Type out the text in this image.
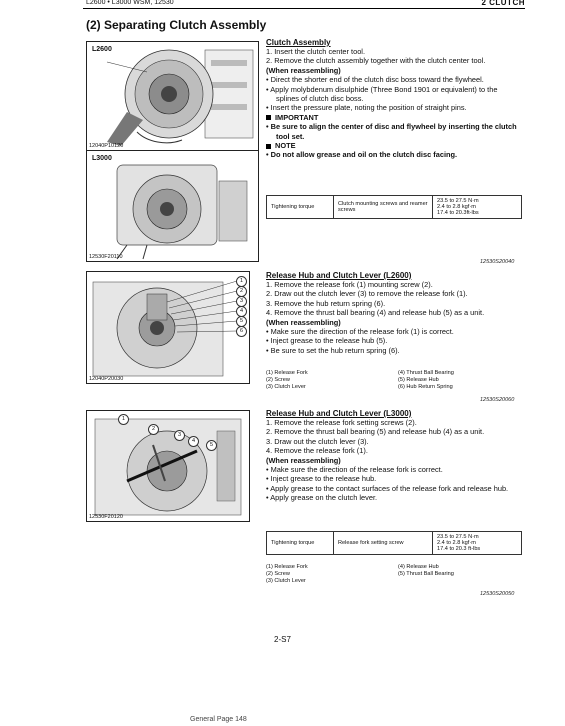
L2600 • L3000 WSM, 12530	2 CLUTCH
(2) Separating Clutch Assembly
L2600
12040P10120
L3000
12530F20110
Clutch Assembly
1. Insert the clutch center tool.
2. Remove the clutch assembly together with the clutch center tool.
(When reassembling)
• Direct the shorter end of the clutch disc boss toward the flywheel.
• Apply molybdenum disulphide (Three Bond 1901 or equivalent) to the splines of clutch disc boss.
• Insert the pressure plate, noting the position of straight pins.
IMPORTANT
• Be sure to align the center of disc and flywheel by inserting the clutch tool set.
NOTE
• Do not allow grease and oil on the clutch disc facing.
Tightening torque	Clutch mounting screws and reamer screws	
23.5 to 27.5 N·m
2.4 to 2.8 kgf·m
17.4 to 20.3ft-lbs
12530S20040
12040P20030
1
2
3
4
5
6
Release Hub and Clutch Lever (L2600)
1. Remove the release fork (1) mounting screw (2).
2. Draw out the clutch lever (3) to remove the release fork (1).
3. Remove the hub return spring (6).
4. Remove the thrust ball bearing (4) and release hub (5) as a unit.
(When reassembling)
• Make sure the direction of the release fork (1) is correct.
• Inject grease to the release hub (5).
• Be sure to set the hub return spring (6).
(1) Release Fork
(2) Screw
(3) Clutch Lever
(4) Thrust Ball Bearing
(5) Release Hub
(6) Hub Return Spring
12530S20060
12530F20120
1
2
3
4
5
Release Hub and Clutch Lever (L3000)
1. Remove the release fork setting screws (2).
2. Remove the thrust ball bearing (5) and release hub (4) as a unit.
3. Draw out the clutch lever (3).
4. Remove the release fork (1).
(When reassembling)
• Make sure the direction of the release fork is correct.
• Inject grease to the release hub.
• Apply grease to the contact surfaces of the release fork and release hub.
• Apply grease on the clutch lever.
Tightening torque	Release fork setting screw	
23.5 to 27.5 N·m
2.4 to 2.8 kgf·m
17.4 to 20.3 ft-lbs
(1) Release Fork
(2) Screw
(3) Clutch Lever
(4) Release Hub
(5) Thrust Ball Bearing
12530S20050
2-S7
General Page 148
